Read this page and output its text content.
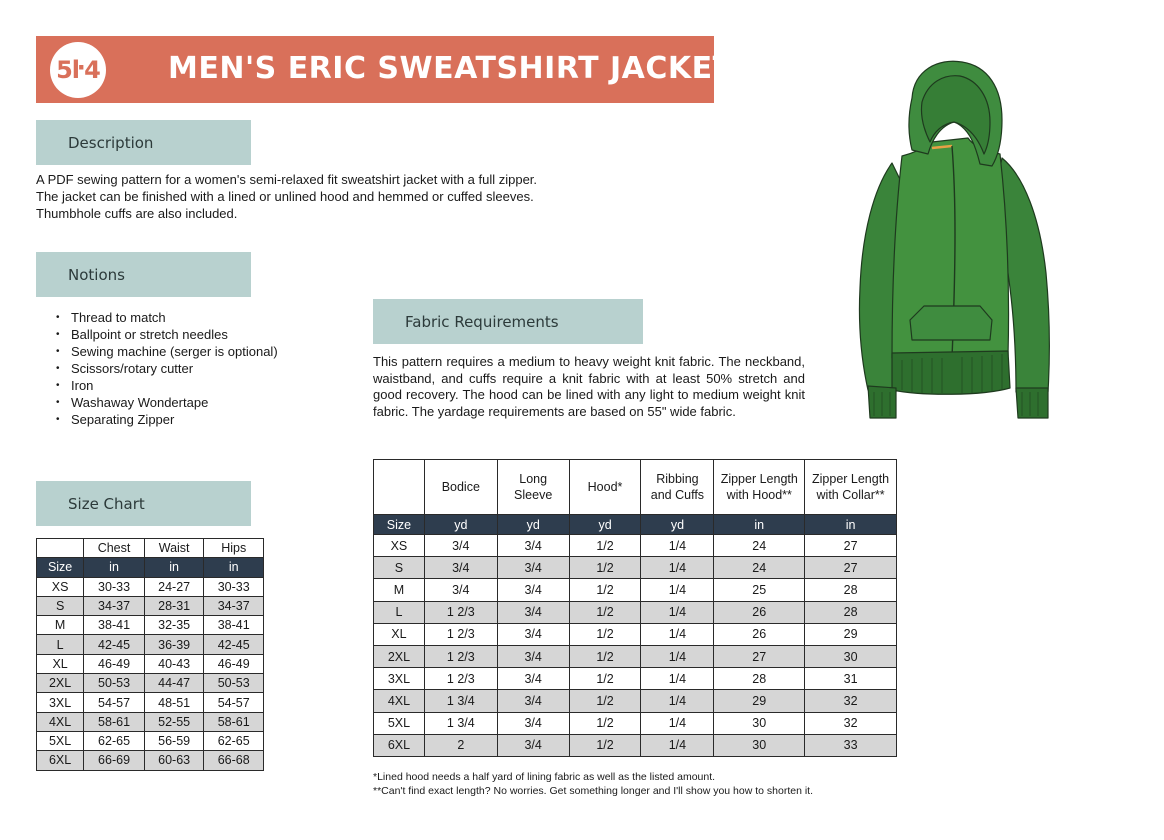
5ŀ4 MEN'S ERIC SWEATSHIRT JACKET
Description

A PDF sewing pattern for a women's semi-relaxed fit sweatshirt jacket with a full zipper. The jacket can be finished with a lined or unlined hood and hemmed or cuffed sleeves. Thumbhole cuffs are also included.

Notions
• Thread to match
• Ballpoint or stretch needles
• Sewing machine (serger is optional)
• Scissors/rotary cutter
• Iron
• Washaway Wondertape
• Separating Zipper
Size Chart
	Chest	Waist	Hips
Size	in	in	in
XS	30-33	24-27	30-33
S	34-37	28-31	34-37
M	38-41	32-35	38-41
L	42-45	36-39	42-45
XL	46-49	40-43	46-49
2XL	50-53	44-47	50-53
3XL	54-57	48-51	54-57
4XL	58-61	52-55	58-61
5XL	62-65	56-59	62-65
6XL	66-69	60-63	66-68
Fabric Requirements

This pattern requires a medium to heavy weight knit fabric. The neckband, waistband, and cuffs require a knit fabric with at least 50% stretch and good recovery. The hood can be lined with any light to medium weight knit fabric. The yardage requirements are based on 55" wide fabric.

	Bodice	Long Sleeve	Hood*	Ribbing and Cuffs	Zipper Length with Hood**	Zipper Length with Collar**
Size	yd	yd	yd	yd	in	in
XS	3/4	3/4	1/2	1/4	24	27
S	3/4	3/4	1/2	1/4	24	27
M	3/4	3/4	1/2	1/4	25	28
L	1 2/3	3/4	1/2	1/4	26	28
XL	1 2/3	3/4	1/2	1/4	26	29
2XL	1 2/3	3/4	1/2	1/4	27	30
3XL	1 2/3	3/4	1/2	1/4	28	31
4XL	1 3/4	3/4	1/2	1/4	29	32
5XL	1 3/4	3/4	1/2	1/4	30	32
6XL	2	3/4	1/2	1/4	30	33
*Lined hood needs a half yard of lining fabric as well as the listed amount.
**Can't find exact length? No worries. Get something longer and I'll show you how to shorten it.
